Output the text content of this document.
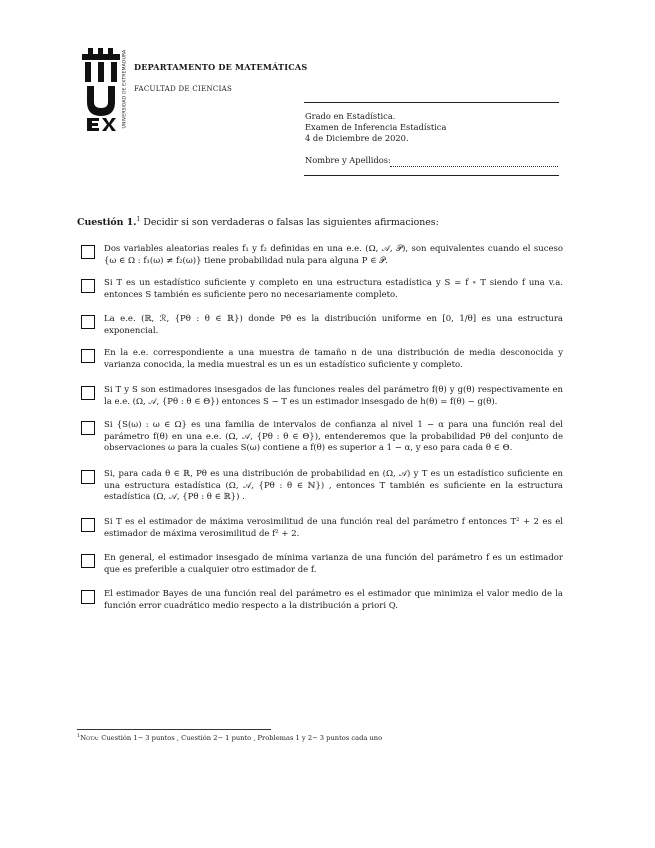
UNIVERSIDAD DE EXTREMADURA DEPARTAMENTO DE MATEMÁTICAS
FACULTAD DE CIENCIAS
Grado en Estadística.
Examen de Inferencia Estadística
4 de Diciembre de 2020.
Nombre y Apellidos:
Cuestión 1.$^1$ Decidir si son verdaderas o falsas las siguientes afirmaciones:
Dos variables aleatorias reales f₁ y f₂ definidas en una e.e. (Ω, 𝒜, 𝒫), son equivalentes cuando el suceso {ω ∈ Ω : f₁(ω) ≠ f₂(ω)} tiene probabilidad nula para alguna P ∈ 𝒫.
Si T es un estadístico suficiente y completo en una estructura estadística y S = f ∘ T siendo f una v.a. entonces S también es suficiente pero no necesariamente completo.
La e.e. (ℝ, ℛ, {Pθ : θ ∈ ℝ}) donde Pθ es la distribución uniforme en [0, 1/θ] es una estructura exponencial.
En la e.e. correspondiente a una muestra de tamaño n de una distribución de media desconocida y varianza conocida, la media muestral es un es un estadístico suficiente y completo.
Si T y S son estimadores insesgados de las funciones reales del parámetro f(θ) y g(θ) respectivamente en la e.e. (Ω, 𝒜, {Pθ : θ ∈ Θ}) entonces S − T es un estimador insesgado de h(θ) = f(θ) − g(θ).
Si {S(ω) : ω ∈ Ω} es una familia de intervalos de confianza al nivel 1 − α para una función real del parámetro f(θ) en una e.e. (Ω, 𝒜, {Pθ : θ ∈ Θ}), entenderemos que la probabilidad Pθ del conjunto de observaciones ω para la cuales S(ω) contiene a f(θ) es superior a 1 − α, y eso para cada θ ∈ Θ.
Si, para cada θ ∈ ℝ, Pθ es una distribución de probabilidad en (Ω, 𝒜) y T es un estadístico suficiente en una estructura estadística (Ω, 𝒜, {Pθ : θ ∈ ℕ}) , entonces T también es suficiente en la estructura estadística (Ω, 𝒜, {Pθ : θ ∈ ℝ}) .
Si T es el estimador de máxima verosimilitud de una función real del parámetro f entonces T² + 2 es el estimador de máxima verosimilitud de f² + 2.
En general, el estimador insesgado de mínima varianza de una función del parámetro f es un estimador que es preferible a cualquier otro estimador de f.
El estimador Bayes de una función real del parámetro es el estimador que minimiza el valor medio de la función error cuadrático medio respecto a la distribución a priori Q.
$^1$Nota: Cuestión 1− 3 puntos , Cuestión 2− 1 punto , Problemas 1 y 2− 3 puntos cada uno
